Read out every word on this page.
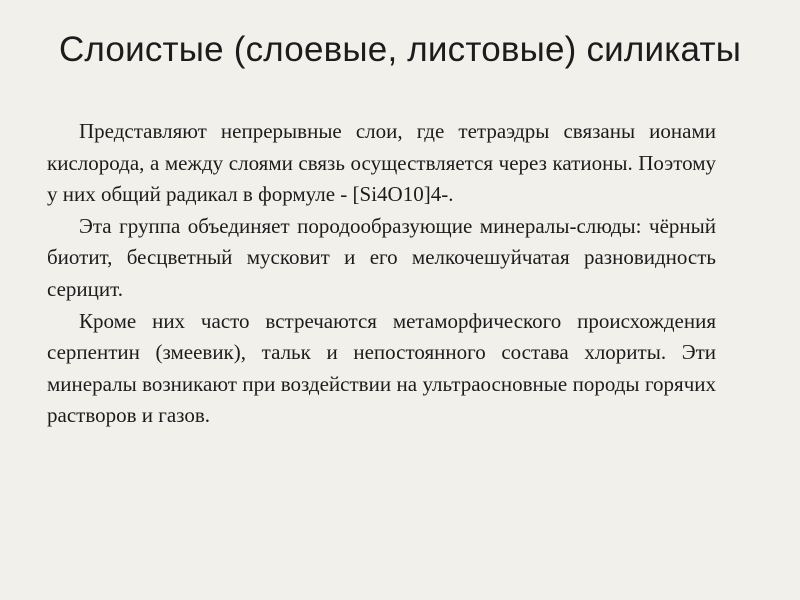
Слоистые (слоевые, листовые) силикаты

Представляют непрерывные слои, где тетраэдры связаны ионами кислорода, а между слоями связь осуществляется через катионы. Поэтому у них общий радикал в формуле - [Si4O10]4-.

Эта группа объединяет породообразующие минералы-слюды: чёрный биотит, бесцветный мусковит и его мелкочешуйчатая разновидность серицит.

Кроме них часто встречаются метаморфического происхождения серпентин (змеевик), тальк и непостоянного состава хлориты. Эти минералы возникают при воздействии на ультраосновные породы горячих растворов и газов.
